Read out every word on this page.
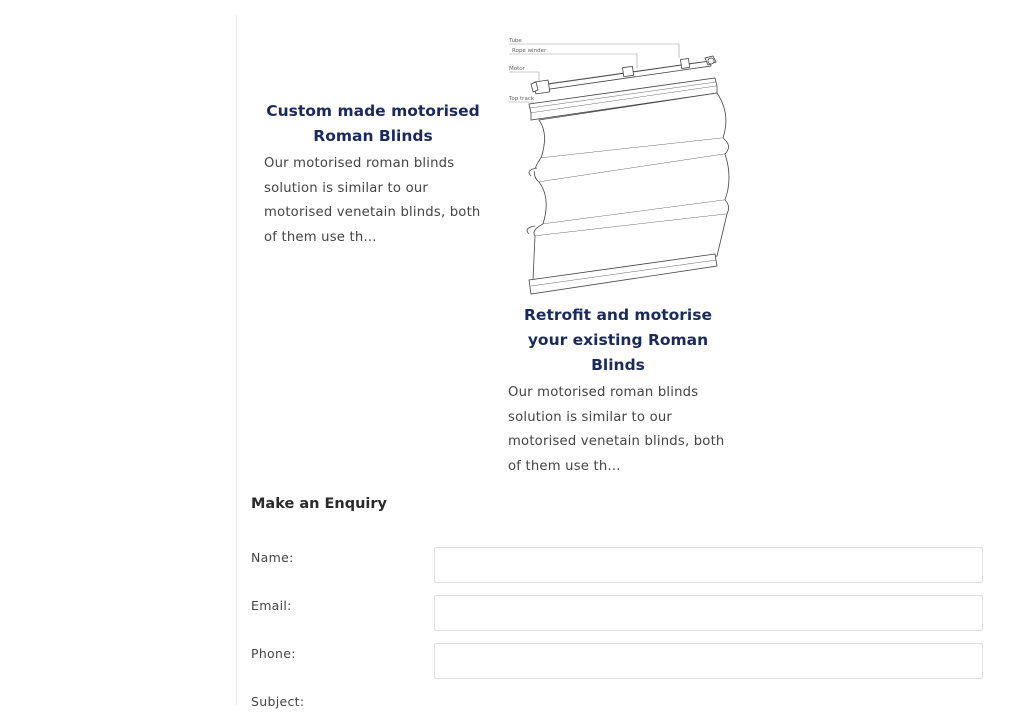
Custom made motorised Roman Blinds

Our motorised roman blinds solution is similar to our motorised venetain blinds, both of them use th...

Tube
Rope winder
Motor
Top track
Retrofit and motorise your existing Roman Blinds

Our motorised roman blinds solution is similar to our motorised venetain blinds, both of them use th...

Make an Enquiry
Name:
Email:
Phone:
Subject:
